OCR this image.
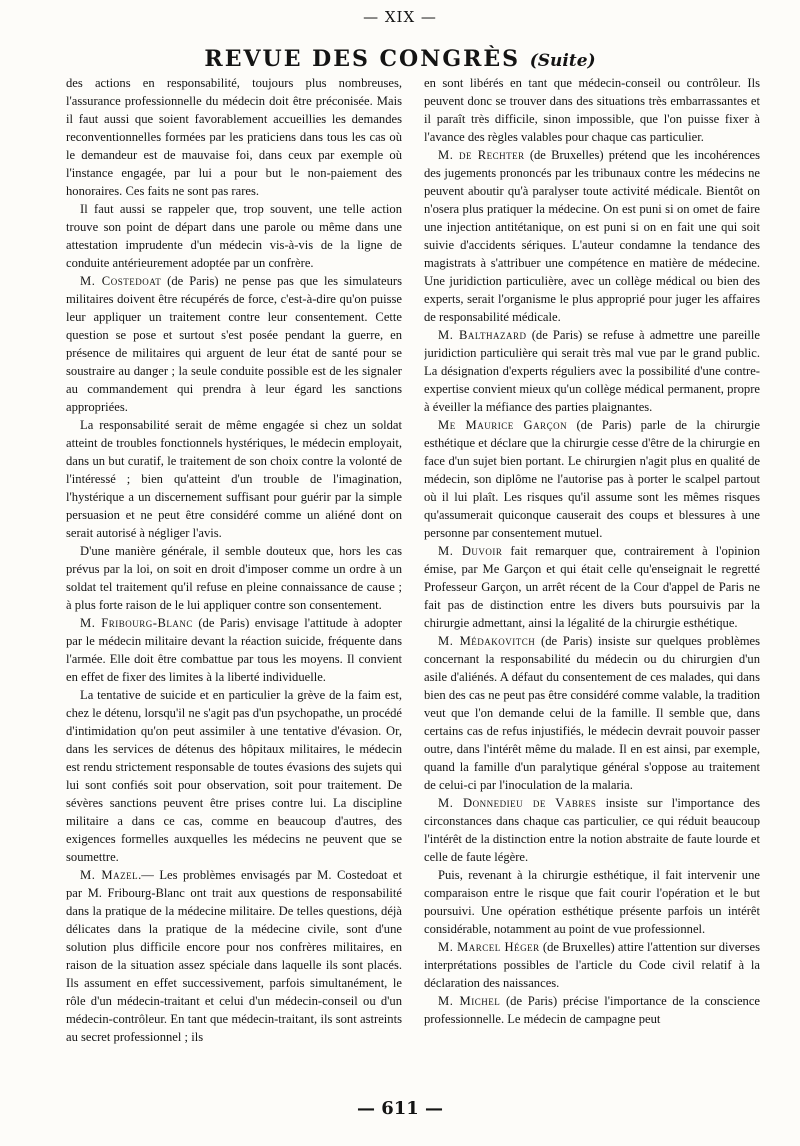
— XIX —
REVUE DES CONGRÈS (Suite)

des actions en responsabilité, toujours plus nombreuses, l'assurance professionnelle du médecin doit être préconisée. Mais il faut aussi que soient favorablement accueillies les demandes reconventionnelles formées par les praticiens dans tous les cas où le demandeur est de mauvaise foi, dans ceux par exemple où l'instance engagée, par lui a pour but le non-paiement des honoraires. Ces faits ne sont pas rares.

Il faut aussi se rappeler que, trop souvent, une telle action trouve son point de départ dans une parole ou même dans une attestation imprudente d'un médecin vis-à-vis de la ligne de conduite antérieurement adoptée par un confrère.

M. Costedoat (de Paris) ne pense pas que les simulateurs militaires doivent être récupérés de force, c'est-à-dire qu'on puisse leur appliquer un traitement contre leur consentement. Cette question se pose et surtout s'est posée pendant la guerre, en présence de militaires qui arguent de leur état de santé pour se soustraire au danger ; la seule conduite possible est de les signaler au commandement qui prendra à leur égard les sanctions appropriées.

La responsabilité serait de même engagée si chez un soldat atteint de troubles fonctionnels hystériques, le médecin employait, dans un but curatif, le traitement de son choix contre la volonté de l'intéressé ; bien qu'atteint d'un trouble de l'imagination, l'hystérique a un discernement suffisant pour guérir par la simple persuasion et ne peut être considéré comme un aliéné dont on serait autorisé à négliger l'avis.

D'une manière générale, il semble douteux que, hors les cas prévus par la loi, on soit en droit d'imposer comme un ordre à un soldat tel traitement qu'il refuse en pleine connaissance de cause ; à plus forte raison de le lui appliquer contre son consentement.

M. Fribourg-Blanc (de Paris) envisage l'attitude à adopter par le médecin militaire devant la réaction suicide, fréquente dans l'armée. Elle doit être combattue par tous les moyens. Il convient en effet de fixer des limites à la liberté individuelle.

La tentative de suicide et en particulier la grève de la faim est, chez le détenu, lorsqu'il ne s'agit pas d'un psychopathe, un procédé d'intimidation qu'on peut assimiler à une tentative d'évasion. Or, dans les services de détenus des hôpitaux militaires, le médecin est rendu strictement responsable de toutes évasions des sujets qui lui sont confiés soit pour observation, soit pour traitement. De sévères sanctions peuvent être prises contre lui. La discipline militaire a dans ce cas, comme en beaucoup d'autres, des exigences formelles auxquelles les médecins ne peuvent que se soumettre.

M. Mazel.— Les problèmes envisagés par M. Costedoat et par M. Fribourg-Blanc ont trait aux questions de responsabilité dans la pratique de la médecine militaire. De telles questions, déjà délicates dans la pratique de la médecine civile, sont d'une solution plus difficile encore pour nos confrères militaires, en raison de la situation assez spéciale dans laquelle ils sont placés. Ils assument en effet successivement, parfois simultanément, le rôle d'un médecin-traitant et celui d'un médecin-conseil ou d'un médecin-contrôleur. En tant que médecin-traitant, ils sont astreints au secret professionnel ; ils

en sont libérés en tant que médecin-conseil ou contrôleur. Ils peuvent donc se trouver dans des situations très embarrassantes et il paraît très difficile, sinon impossible, que l'on puisse fixer à l'avance des règles valables pour chaque cas particulier.

M. de Rechter (de Bruxelles) prétend que les incohérences des jugements prononcés par les tribunaux contre les médecins ne peuvent aboutir qu'à paralyser toute activité médicale. Bientôt on n'osera plus pratiquer la médecine. On est puni si on omet de faire une injection antitétanique, on est puni si on en fait une qui soit suivie d'accidents sériques. L'auteur condamne la tendance des magistrats à s'attribuer une compétence en matière de médecine. Une juridiction particulière, avec un collège médical ou bien des experts, serait l'organisme le plus approprié pour juger les affaires de responsabilité médicale.

M. Balthazard (de Paris) se refuse à admettre une pareille juridiction particulière qui serait très mal vue par le grand public. La désignation d'experts réguliers avec la possibilité d'une contre-expertise convient mieux qu'un collège médical permanent, propre à éveiller la méfiance des parties plaignantes.

Me Maurice Garçon (de Paris) parle de la chirurgie esthétique et déclare que la chirurgie cesse d'être de la chirurgie en face d'un sujet bien portant. Le chirurgien n'agit plus en qualité de médecin, son diplôme ne l'autorise pas à porter le scalpel partout où il lui plaît. Les risques qu'il assume sont les mêmes risques qu'assumerait quiconque causerait des coups et blessures à une personne par consentement mutuel.

M. Duvoir fait remarquer que, contrairement à l'opinion émise, par Me Garçon et qui était celle qu'enseignait le regretté Professeur Garçon, un arrêt récent de la Cour d'appel de Paris ne fait pas de distinction entre les divers buts poursuivis par la chirurgie admettant, ainsi la légalité de la chirurgie esthétique.

M. Médakovitch (de Paris) insiste sur quelques problèmes concernant la responsabilité du médecin ou du chirurgien d'un asile d'aliénés. A défaut du consentement de ces malades, qui dans bien des cas ne peut pas être considéré comme valable, la tradition veut que l'on demande celui de la famille. Il semble que, dans certains cas de refus injustifiés, le médecin devrait pouvoir passer outre, dans l'intérêt même du malade. Il en est ainsi, par exemple, quand la famille d'un paralytique général s'oppose au traitement de celui-ci par l'inoculation de la malaria.

M. Donnedieu de Vabres insiste sur l'importance des circonstances dans chaque cas particulier, ce qui réduit beaucoup l'intérêt de la distinction entre la notion abstraite de faute lourde et celle de faute légère.

Puis, revenant à la chirurgie esthétique, il fait intervenir une comparaison entre le risque que fait courir l'opération et le but poursuivi. Une opération esthétique présente parfois un intérêt considérable, notamment au point de vue professionnel.

M. Marcel Héger (de Bruxelles) attire l'attention sur diverses interprétations possibles de l'article du Code civil relatif à la déclaration des naissances.

M. Michel (de Paris) précise l'importance de la conscience professionnelle. Le médecin de campagne peut

— 611 —
